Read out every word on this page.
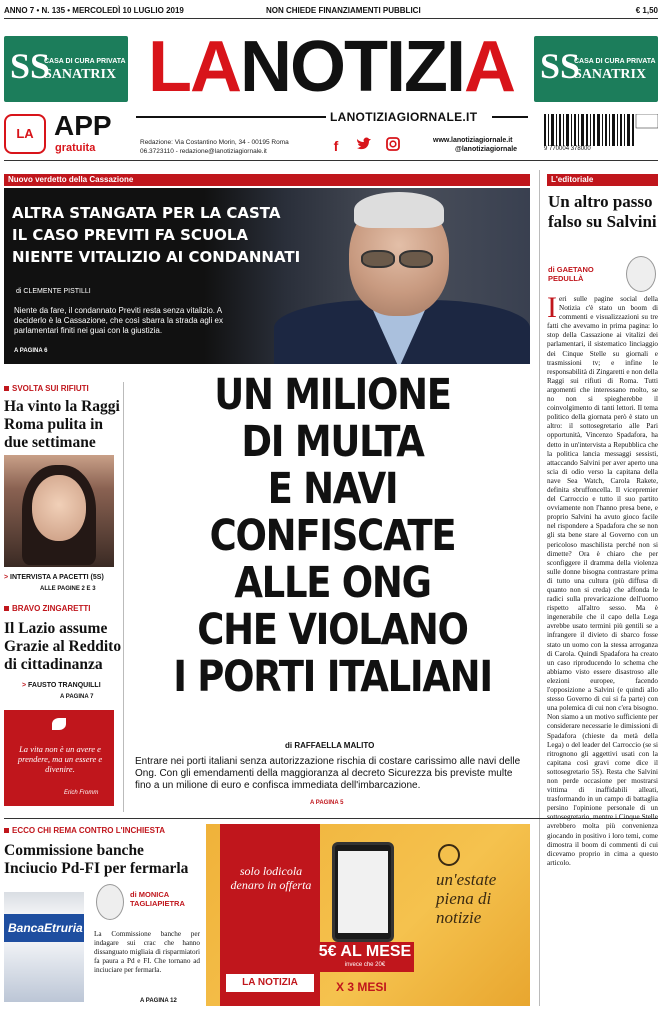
ANNO 7 • N. 135 • MERCOLEDÌ 10 LUGLIO 2019	NON CHIEDE FINANZIAMENTI PUBBLICI	€ 1,50
SS
CASA DI CURA PRIVATA
SANATRIX	SS
CASA DI CURA PRIVATA
SANATRIX
LANOTIZIA
LANOTIZIAGIORNALE.IT
LA APP
gratuita	Redazione: Via Costantino Morin, 34 - 00195 Roma
06.3723110 - redazione@lanotiziagiornale.it	f	www.lanotiziagiornale.it
@lanotiziagiornale	9 770004 378000
Nuovo verdetto della Cassazione
ALTRA STANGATA PER LA CASTA
IL CASO PREVITI FA SCUOLA
NIENTE VITALIZIO AI CONDANNATI
di CLEMENTE PISTILLI
Niente da fare, il condannato Previti resta senza vitalizio. A deciderlo è la Cassazione, che così sbarra la strada agli ex parlamentari finiti nei guai con la giustizia.
A PAGINA 6
L'editoriale
Un altro passo falso su Salvini
di GAETANO PEDULLÀ
Ieri sulle pagine social della Notizia c'è stato un boom di commenti e visualizzazioni su tre fatti che avevamo in prima pagina: lo stop della Cassazione ai vitalizi dei parlamentari, il sistematico linciaggio dei Cinque Stelle su giornali e trasmissioni tv; e infine le responsabilità di Zingaretti e non della Raggi sui rifiuti di Roma. Tutti argomenti che interessano molto, se no non si spiegherebbe il coinvolgimento di tanti lettori. Il tema politico della giornata però è stato un altro: il sottosegretario alle Pari opportunità, Vincenzo Spadafora, ha detto in un'intervista a Repubblica che la politica lancia messaggi sessisti, attaccando Salvini per aver aperto una scia di odio verso la capitana della nave Sea Watch, Carola Rakete, definita sbruffoncella. Il vicepremier del Carroccio e tutto il suo partito ovviamente non l'hanno presa bene, e proprio Salvini ha avuto gioco facile nel rispondere a Spadafora che se non gli sta bene stare al Governo con un pericoloso maschilista perché non si dimette? Ora è chiaro che per sconfiggere il dramma della violenza sulle donne bisogna contrastare prima di tutto una cultura (più diffusa di quanto non si creda) che affonda le radici sulla prevaricazione dell'uomo rispetto all'altro sesso. Ma è ingenerabile che il capo della Lega avrebbe usato termini più gentili se a infrangere il divieto di sbarco fosse stato un uomo con la stessa arroganza di Carola. Quindi Spadafora ha creato un caso riproducendo lo schema che abbiamo visto essere disastroso alle elezioni europee, facendo l'opposizione a Salvini (e quindi allo stesso Governo di cui si fa parte) con una polemica di cui non c'era bisogno. Non siamo a un motivo sufficiente per considerare necessarie le dimissioni di Spadafora (chieste da metà della Lega) o del leader del Carroccio (se si ritrognono gli aggettivi usati con la capitana così gravi come dice il sottosegretario 5S). Resta che Salvini non perde occasione per mostrarsi vittima di inaffidabili alleati, trasformando in un campo di battaglia persino l'opinione personale di un avrebbero molta più convenienza giocando in positivo i loro temi, come dimostra il boom di commenti di cui dicevamo proprio in cima a questo articolo.
SVOLTA SUI RIFIUTI
Ha vinto la Raggi Roma pulita in due settimane
> INTERVISTA A PACETTI (5S)
ALLE PAGINE 2 E 3
BRAVO ZINGARETTI
Il Lazio assume Grazie al Reddito di cittadinanza
> FAUSTO TRANQUILLI
A PAGINA 7
La vita non è un avere e prendere, ma un essere e divenire.
Erich Fromm
UN MILIONE
DI MULTA
E NAVI
CONFISCATE
ALLE ONG
CHE VIOLANO
I PORTI ITALIANI
di RAFFAELLA MALITO
Entrare nei porti italiani senza autorizzazione rischia di costare carissimo alle navi delle Ong. Con gli emendamenti della maggioranza al decreto Sicurezza bis previste multe fino a un milione di euro e confisca immediata dell'imbarcazione.
A PAGINA 5
ECCO CHI REMA CONTRO L'INCHIESTA
Commissione banche Inciucio Pd-FI per fermarla
di MONICA TAGLIAPIETRA
BancaEtruria La Commissione banche per indagare sui crac che hanno dissanguato migliaia di risparmiatori fa paura a Pd e FI. Che tornano ad inciuciare per fermarla.
A PAGINA 12
solo lodicola denaro in offerta
LA NOTIZIA
5€ AL MESE
invece che 20€
X 3 MESI
un'estate piena di notizie
